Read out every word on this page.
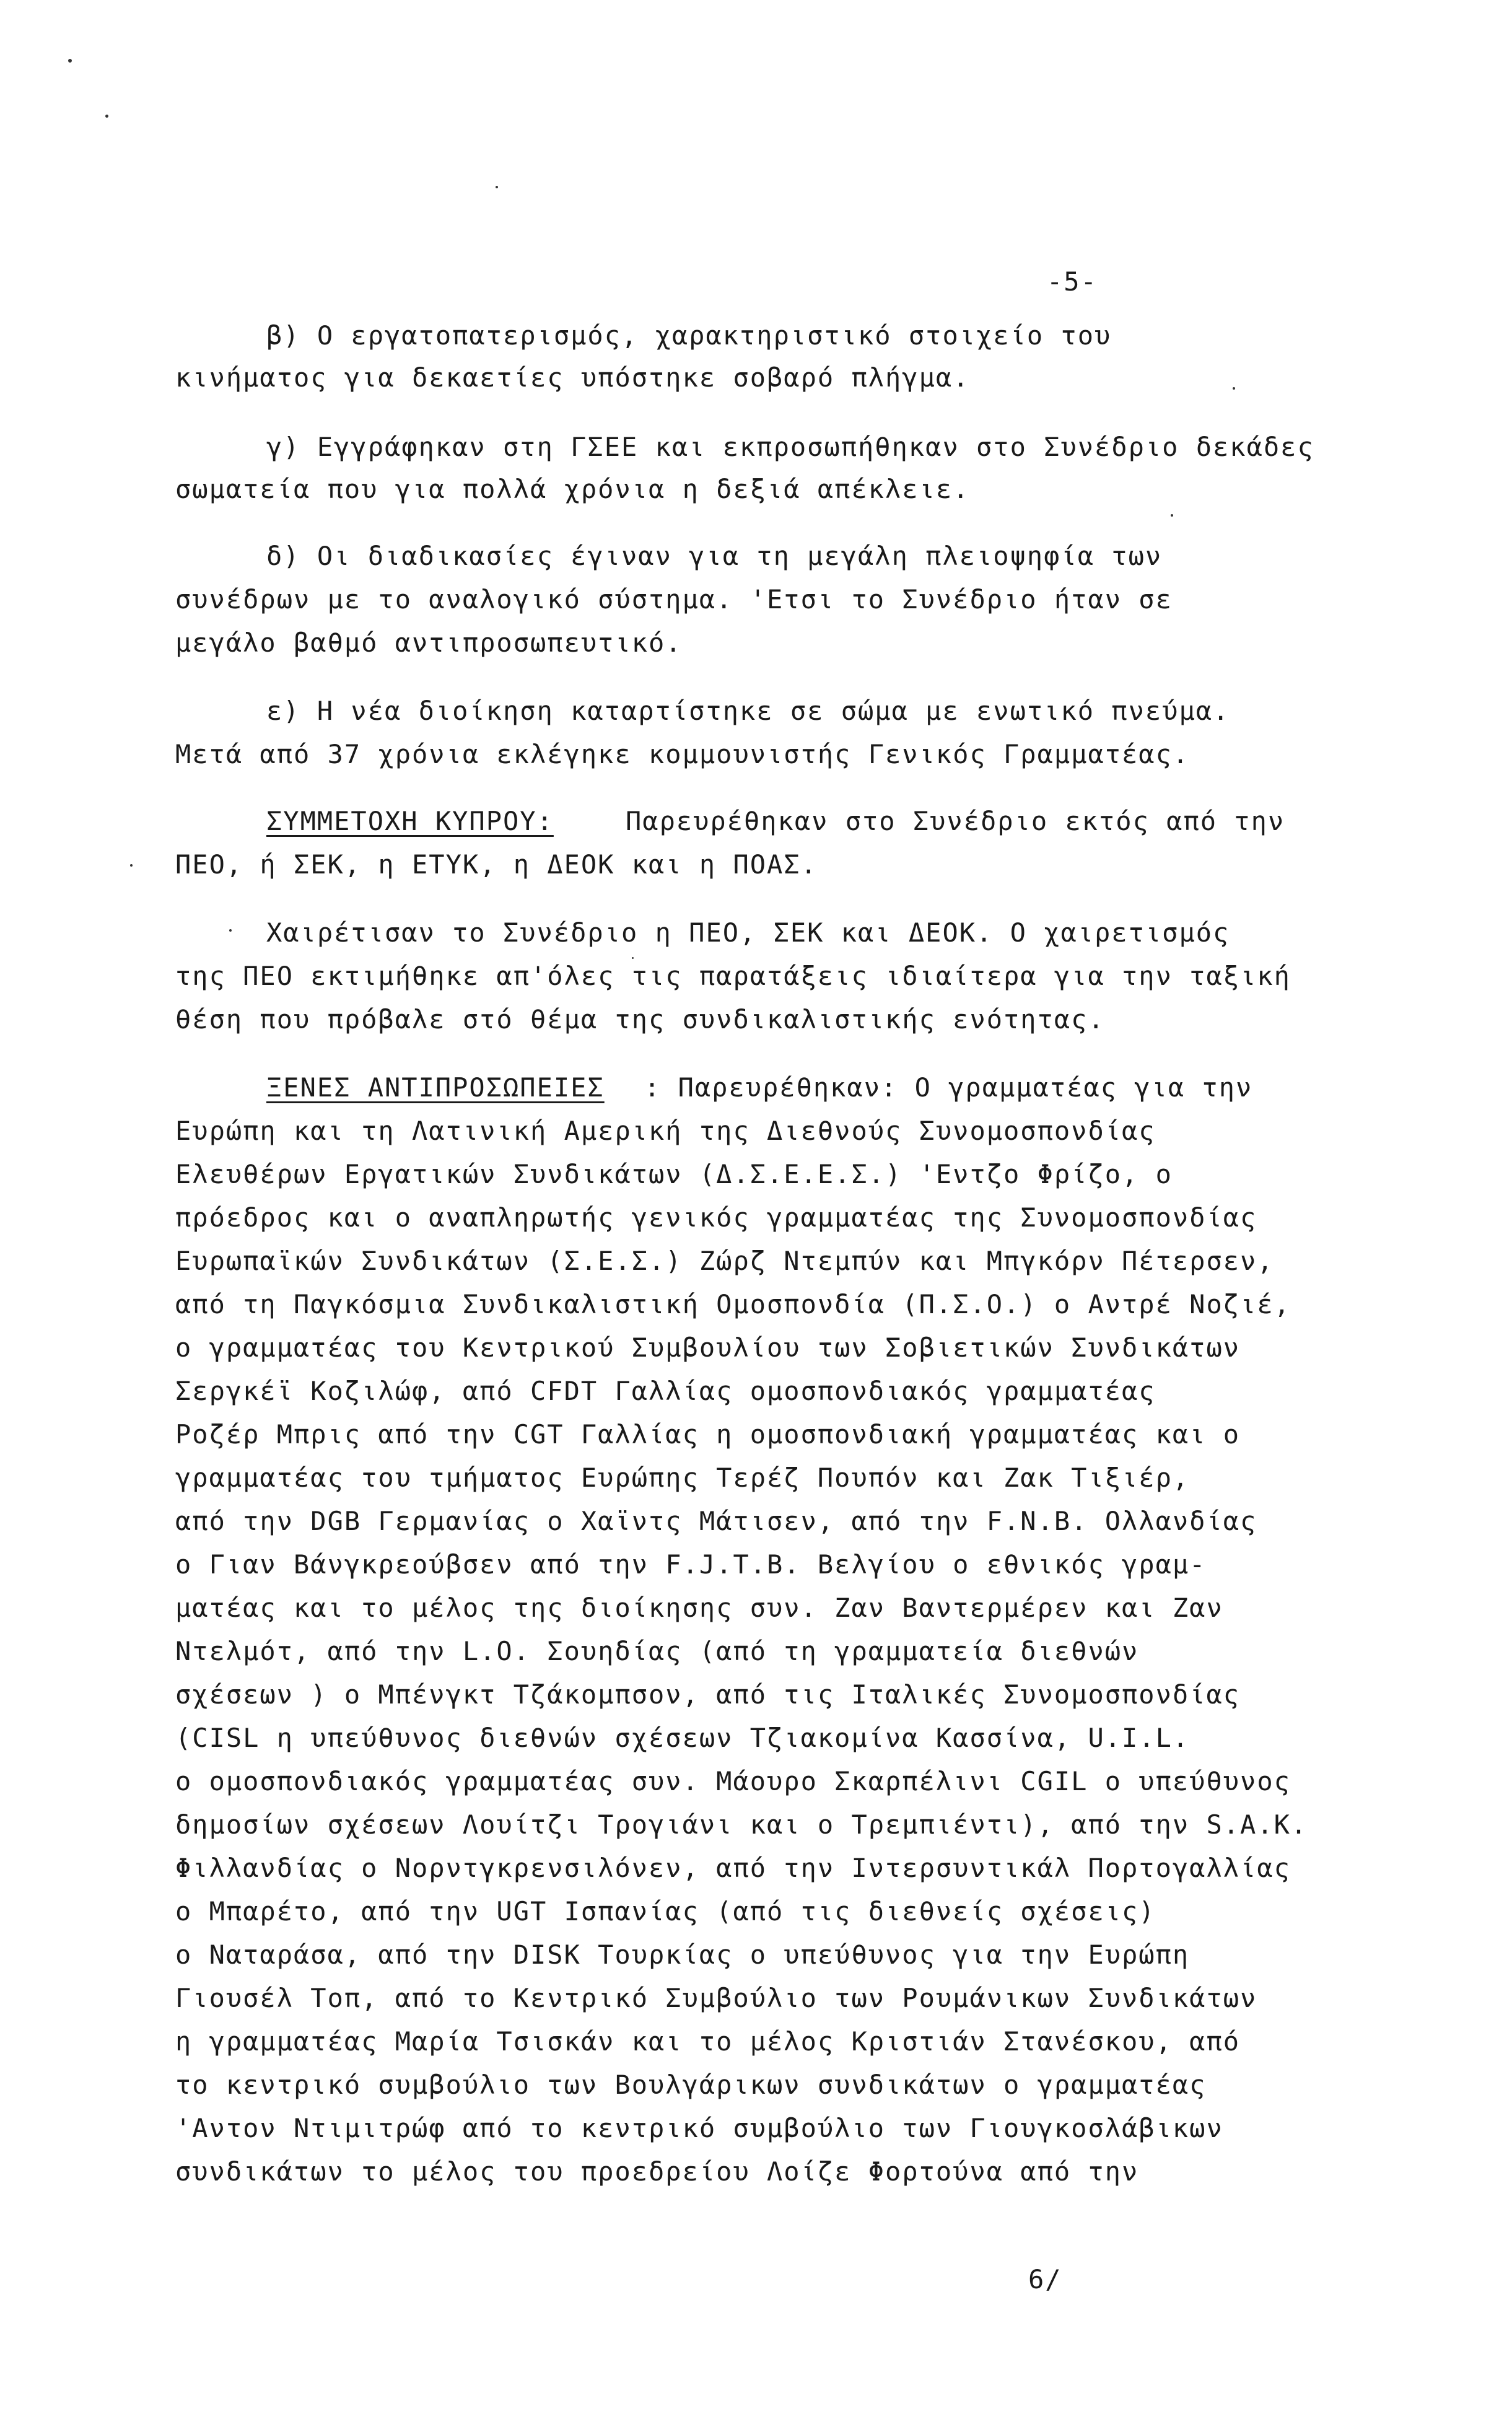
-5-
β) Ο εργατοπατερισμός, χαρακτηριστικό στοιχείο του
κινήματος για δεκαετίες υπόστηκε σοβαρό πλήγμα.
γ) Εγγράφηκαν στη ΓΣΕΕ και εκπροσωπήθηκαν στο Συνέδριο δεκάδες
σωματεία που για πολλά χρόνια η δεξιά απέκλειε.
δ) Οι διαδικασίες έγιναν για τη μεγάλη πλειοψηφία των
συνέδρων με το αναλογικό σύστημα. 'Ετσι το Συνέδριο ήταν σε
μεγάλο βαθμό αντιπροσωπευτικό.
ε) Η νέα διοίκηση καταρτίστηκε σε σώμα με ενωτικό πνεύμα.
Μετά από 37 χρόνια εκλέγηκε κομμουνιστής Γενικός Γραμματέας.
ΣΥΜΜΕΤΟΧΗ ΚΥΠΡΟΥ:	Παρευρέθηκαν στο Συνέδριο εκτός από την
ΠΕΟ, ή ΣΕΚ, η ΕΤΥΚ, η ΔΕΟΚ και η ΠΟΑΣ.
Χαιρέτισαν το Συνέδριο η ΠΕΟ, ΣΕΚ και ΔΕΟΚ. Ο χαιρετισμός
της ΠΕΟ εκτιμήθηκε απ'όλες τις παρατάξεις ιδιαίτερα για την ταξική
θέση που πρόβαλε στό θέμα της συνδικαλιστικής ενότητας.
ΞΕΝΕΣ ΑΝΤΙΠΡΟΣΩΠΕΙΕΣ : Παρευρέθηκαν: Ο γραμματέας για την
Ευρώπη και τη Λατινική Αμερική της Διεθνούς Συνομοσπονδίας
Ελευθέρων Εργατικών Συνδικάτων (Δ.Σ.Ε.Ε.Σ.) 'Εντζο Φρίζο, ο
πρόεδρος και ο αναπληρωτής γενικός γραμματέας της Συνομοσπονδίας
Ευρωπαϊκών Συνδικάτων (Σ.Ε.Σ.) Ζώρζ Ντεμπύν και Μπγκόρν Πέτερσεν,
από τη Παγκόσμια Συνδικαλιστική Ομοσπονδία (Π.Σ.Ο.) ο Αντρέ Νοζιέ,
ο γραμματέας του Κεντρικού Συμβουλίου των Σοβιετικών Συνδικάτων
Σεργκέϊ Κοζιλώφ, από CFDT Γαλλίας ομοσπονδιακός γραμματέας
Ροζέρ Μπρις από την CGT Γαλλίας η ομοσπονδιακή γραμματέας και ο
γραμματέας του τμήματος Ευρώπης Τερέζ Πουπόν και Ζακ Τιξιέρ,
από την DGB Γερμανίας ο Χαϊντς Μάτισεν, από την F.N.B. Ολλανδίας
ο Γιαν Βάνγκρεούβσεν από την F.J.T.B. Βελγίου ο εθνικός γραμ-
ματέας και το μέλος της διοίκησης συν. Ζαν Βαντερμέρεν και Ζαν
Ντελμότ, από την L.O. Σουηδίας (από τη γραμματεία διεθνών
σχέσεων ) ο Μπένγκτ Τζάκομπσον, από τις Ιταλικές Συνομοσπονδίας
(CISL η υπεύθυνος διεθνών σχέσεων Τζιακομίνα Κασσίνα, U.I.L.
ο ομοσπονδιακός γραμματέας συν. Μάουρο Σκαρπέλινι CGIL ο υπεύθυνος
δημοσίων σχέσεων Λουίτζι Τρογιάνι και ο Τρεμπιέντι), από την S.A.K.
Φιλλανδίας ο Νορντγκρενσιλόνεν, από την Ιντερσυντικάλ Πορτογαλλίας
ο Μπαρέτο, από την UGT Ισπανίας (από τις διεθνείς σχέσεις)
ο Ναταράσα, από την DISK Τουρκίας ο υπεύθυνος για την Ευρώπη
Γιουσέλ Τοπ, από το Κεντρικό Συμβούλιο των Ρουμάνικων Συνδικάτων
η γραμματέας Μαρία Τσισκάν και το μέλος Κριστιάν Στανέσκου, από
το κεντρικό συμβούλιο των Βουλγάρικων συνδικάτων ο γραμματέας
'Αντον Ντιμιτρώφ από το κεντρικό συμβούλιο των Γιουγκοσλάβικων
συνδικάτων το μέλος του προεδρείου Λοίζε Φορτούνα από την
6/
